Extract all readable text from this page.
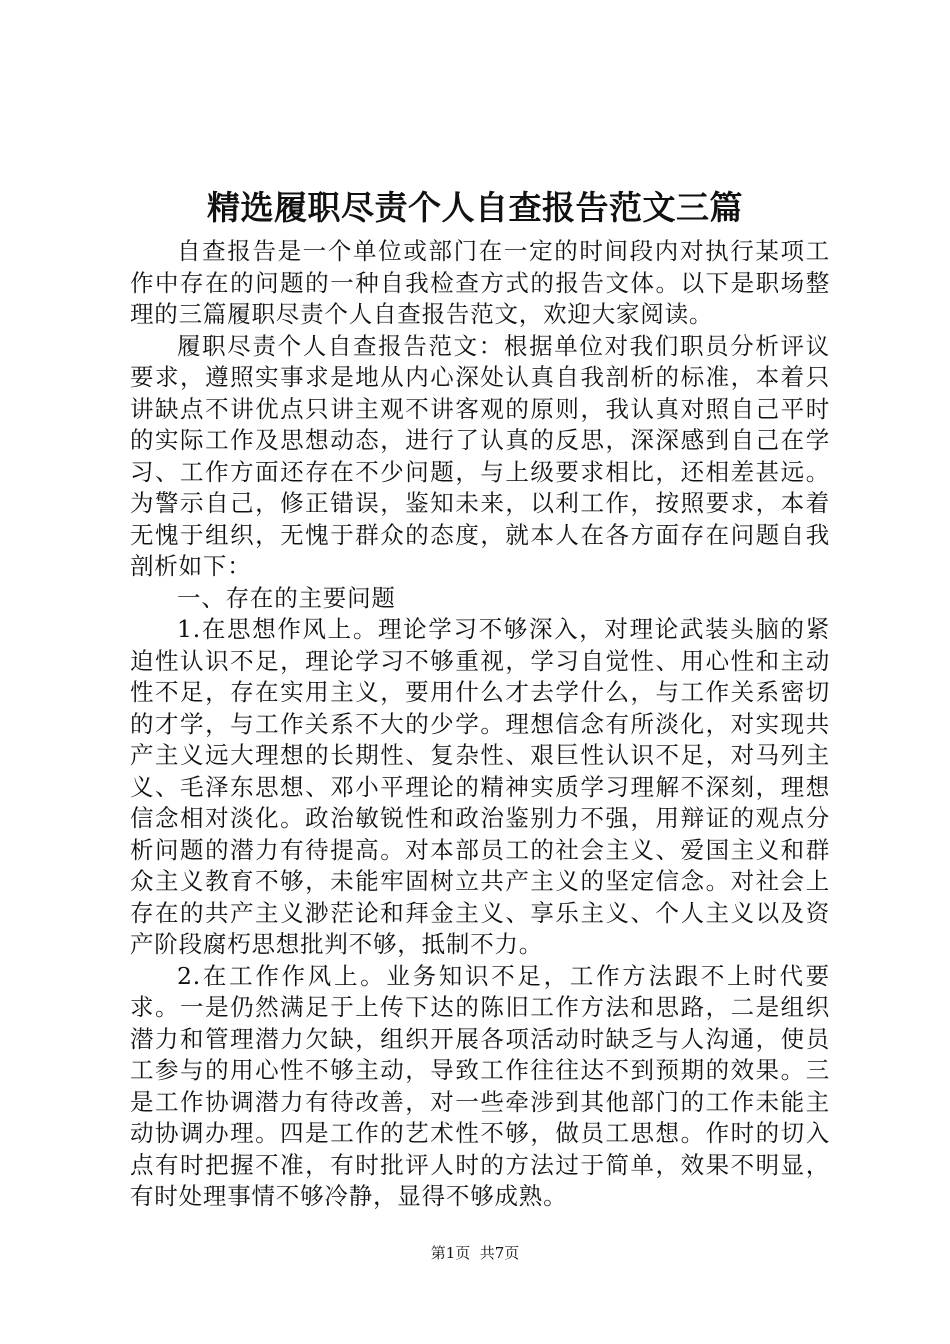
精选履职尽责个人自查报告范文三篇

自查报告是一个单位或部门在一定的时间段内对执行某项工作中存在的问题的一种自我检查方式的报告文体。以下是职场整理的三篇履职尽责个人自查报告范文，欢迎大家阅读。

履职尽责个人自查报告范文：根据单位对我们职员分析评议要求，遵照实事求是地从内心深处认真自我剖析的标准，本着只讲缺点不讲优点只讲主观不讲客观的原则，我认真对照自己平时的实际工作及思想动态，进行了认真的反思，深深感到自己在学习、工作方面还存在不少问题，与上级要求相比，还相差甚远。为警示自己，修正错误，鉴知未来，以利工作，按照要求，本着无愧于组织，无愧于群众的态度，就本人在各方面存在问题自我剖析如下：

一、存在的主要问题

1.在思想作风上。理论学习不够深入，对理论武装头脑的紧迫性认识不足，理论学习不够重视，学习自觉性、用心性和主动性不足，存在实用主义，要用什么才去学什么，与工作关系密切的才学，与工作关系不大的少学。理想信念有所淡化，对实现共产主义远大理想的长期性、复杂性、艰巨性认识不足，对马列主义、毛泽东思想、邓小平理论的精神实质学习理解不深刻，理想信念相对淡化。政治敏锐性和政治鉴别力不强，用辩证的观点分析问题的潜力有待提高。对本部员工的社会主义、爱国主义和群众主义教育不够，未能牢固树立共产主义的坚定信念。对社会上存在的共产主义渺茫论和拜金主义、享乐主义、个人主义以及资产阶段腐朽思想批判不够，抵制不力。

2.在工作作风上。业务知识不足，工作方法跟不上时代要求。一是仍然满足于上传下达的陈旧工作方法和思路，二是组织潜力和管理潜力欠缺，组织开展各项活动时缺乏与人沟通，使员工参与的用心性不够主动，导致工作往往达不到预期的效果。三是工作协调潜力有待改善，对一些牵涉到其他部门的工作未能主动协调办理。四是工作的艺术性不够，做员工思想。作时的切入点有时把握不准，有时批评人时的方法过于简单，效果不明显，有时处理事情不够冷静，显得不够成熟。

第1页  共7页
